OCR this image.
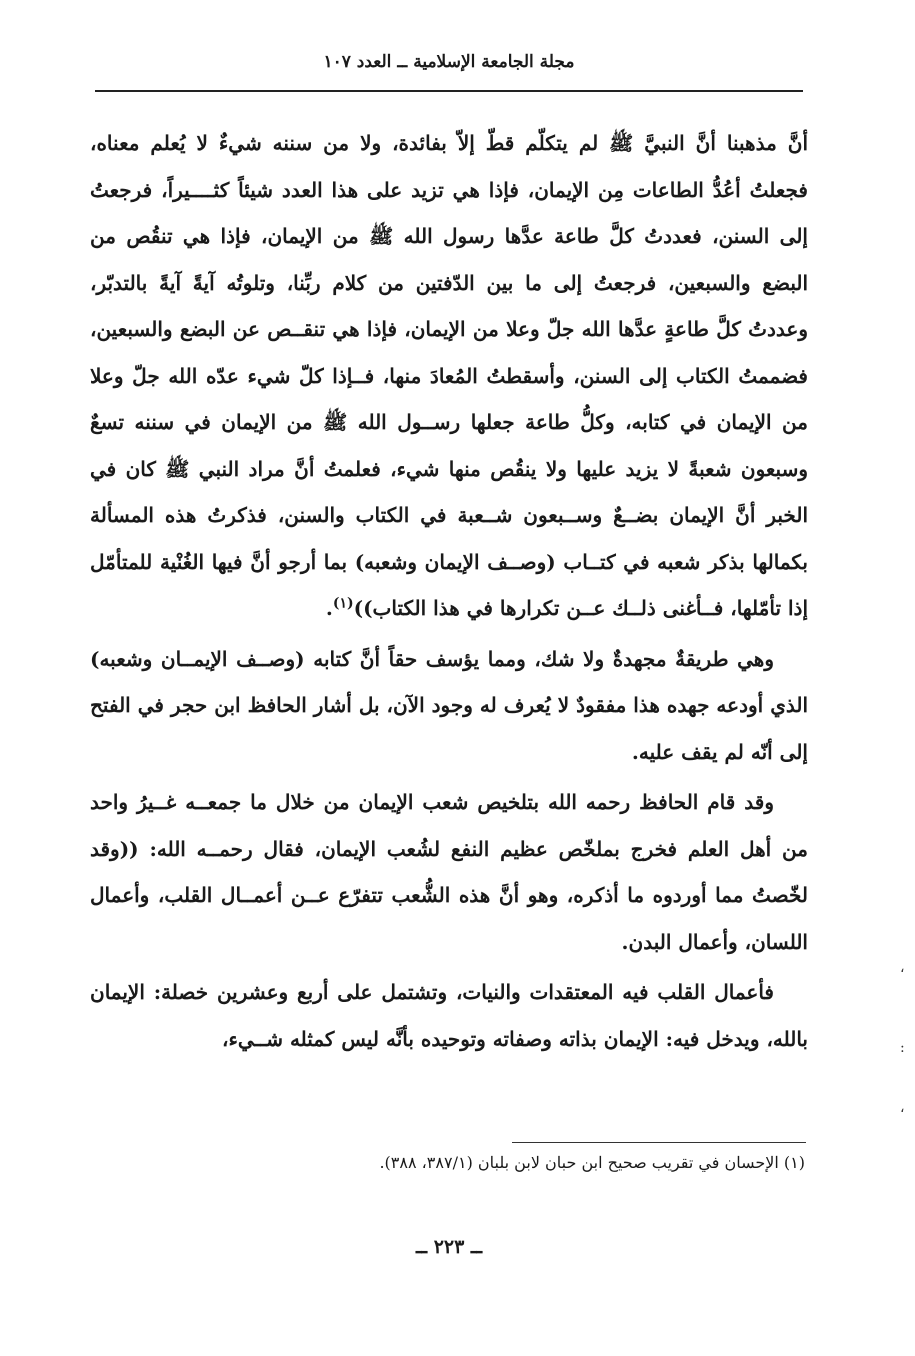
مجلة الجامعة الإسلامية ــ العدد ١٠٧

أنَّ مذهبنا أنَّ النبيَّ ﷺ لم يتكلّم قطّ إلاّ بفائدة، ولا من سننه شيءٌ لا يُعلم معناه، فجعلتُ أعُدُّ الطاعات مِن الإيمان، فإذا هي تزيد على هذا العدد شيئاً كثــــيراً، فرجعتُ إلى السنن، فعددتُ كلَّ طاعة عدَّها رسول الله ﷺ من الإيمان، فإذا هي تنقُص من البضع والسبعين، فرجعتُ إلى ما بين الدّفتين من كلام ربِّنا، وتلوتُه آيةً آيةً بالتدبّر، وعددتُ كلَّ طاعةٍ عدَّها الله جلّ وعلا من الإيمان، فإذا هي تنقــص عن البضع والسبعين، فضممتُ الكتاب إلى السنن، وأسقطتُ المُعادَ منها، فــإذا كلّ شيء عدّه الله جلّ وعلا من الإيمان في كتابه، وكلُّ طاعة جعلها رســول الله ﷺ من الإيمان في سننه تسعٌ وسبعون شعبةً لا يزيد عليها ولا ينقُص منها شيء، فعلمتُ أنَّ مراد النبي ﷺ كان في الخبر أنَّ الإيمان بضــعٌ وســبعون شــعبة في الكتاب والسنن، فذكرتُ هذه المسألة بكمالها بذكر شعبه في كتــاب (وصــف الإيمان وشعبه) بما أرجو أنَّ فيها الغُنْية للمتأمّل إذا تأمّلها، فــأغنى ذلــك عــن تكرارها في هذا الكتاب))$^{(١)}$.

وهي طريقةٌ مجهدةٌ ولا شك، ومما يؤسف حقاً أنَّ كتابه (وصــف الإيمــان وشعبه) الذي أودعه جهده هذا مفقودٌ لا يُعرف له وجود الآن، بل أشار الحافظ ابن حجر في الفتح إلى أنّه لم يقف عليه.

وقد قام الحافظ رحمه الله بتلخيص شعب الإيمان من خلال ما جمعــه غــيرُ واحد من أهل العلم فخرج بملخّص عظيم النفع لشُعب الإيمان، فقال رحمــه الله: ((وقد لخّصتُ مما أوردوه ما أذكره، وهو أنَّ هذه الشُّعب تتفرّع عــن أعمــال القلب، وأعمال اللسان، وأعمال البدن.

فأعمال القلب فيه المعتقدات والنيات، وتشتمل على أربع وعشرين خصلة: الإيمان بالله، ويدخل فيه: الإيمان بذاته وصفاته وتوحيده بأنَّه ليس كمثله شــيء،

(١) الإحسان في تقريب صحيح ابن حبان لابن بلبان (٣٨٧/١، ٣٨٨).
ــ ٢٢٣ ــ
،
:
،
